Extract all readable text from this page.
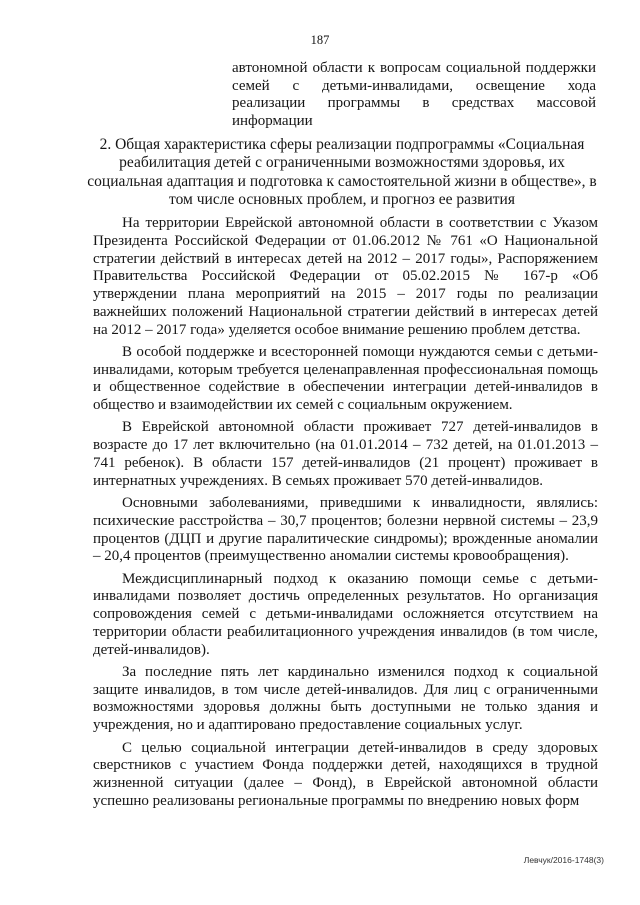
187
автономной области к вопросам социальной поддержки семей с детьми-инвалидами, освещение хода реализации программы в средствах массовой информации
2. Общая характеристика сферы реализации подпрограммы «Социальная реабилитация детей с ограниченными возможностями здоровья, их социальная адаптация и подготовка к самостоятельной жизни в обществе», в том числе основных проблем, и прогноз ее развития

На территории Еврейской автономной области в соответствии с Указом Президента Российской Федерации от 01.06.2012 № 761 «О Национальной стратегии действий в интересах детей на 2012 – 2017 годы», Распоряжением Правительства Российской Федерации от 05.02.2015 № 167-р «Об утверждении плана мероприятий на 2015 – 2017 годы по реализации важнейших положений Национальной стратегии действий в интересах детей на 2012 – 2017 года» уделяется особое внимание решению проблем детства.

В особой поддержке и всесторонней помощи нуждаются семьи с детьми-инвалидами, которым требуется целенаправленная профессиональная помощь и общественное содействие в обеспечении интеграции детей-инвалидов в общество и взаимодействии их семей с социальным окружением.

В Еврейской автономной области проживает 727 детей-инвалидов в возрасте до 17 лет включительно (на 01.01.2014 – 732 детей, на 01.01.2013 – 741 ребенок). В области 157 детей-инвалидов (21 процент) проживает в интернатных учреждениях. В семьях проживает 570 детей-инвалидов.

Основными заболеваниями, приведшими к инвалидности, являлись: психические расстройства – 30,7 процентов; болезни нервной системы – 23,9 процентов (ДЦП и другие паралитические синдромы); врожденные аномалии – 20,4 процентов (преимущественно аномалии системы кровообращения).

Междисциплинарный подход к оказанию помощи семье с детьми-инвалидами позволяет достичь определенных результатов. Но организация сопровождения семей с детьми-инвалидами осложняется отсутствием на территории области реабилитационного учреждения инвалидов (в том числе, детей-инвалидов).

За последние пять лет кардинально изменился подход к социальной защите инвалидов, в том числе детей-инвалидов. Для лиц с ограниченными возможностями здоровья должны быть доступными не только здания и учреждения, но и адаптировано предоставление социальных услуг.

С целью социальной интеграции детей-инвалидов в среду здоровых сверстников с участием Фонда поддержки детей, находящихся в трудной жизненной ситуации (далее – Фонд), в Еврейской автономной области успешно реализованы региональные программы по внедрению новых форм

Левчук/2016-1748(3)
